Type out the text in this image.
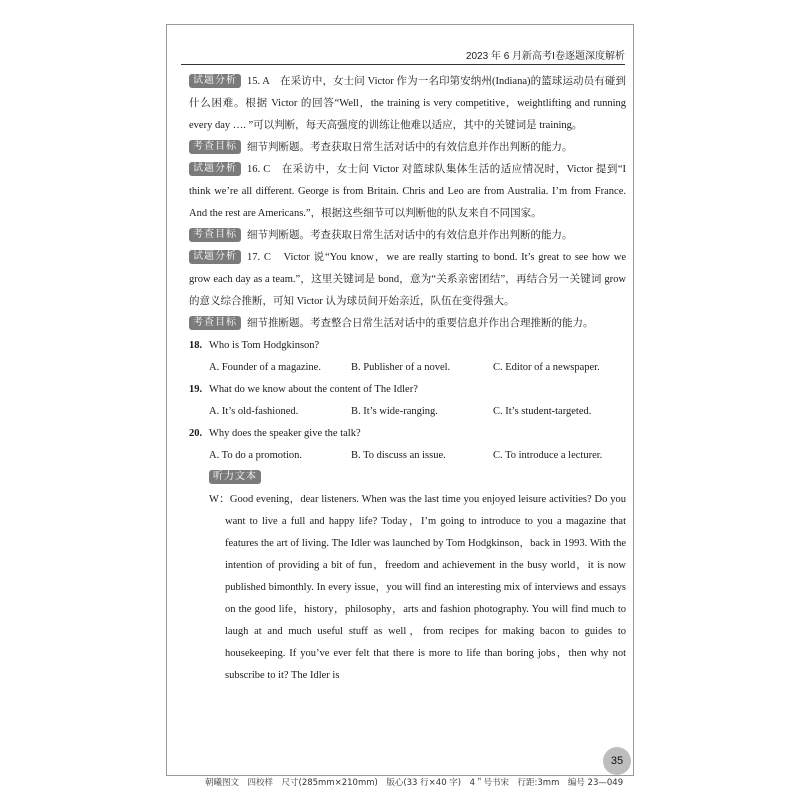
2023 年 6 月新高考Ⅰ卷逐题深度解析

试题分析 15. A　在采访中，女士问 Victor 作为一名印第安纳州(Indiana)的篮球运动员有碰到什么困难。根据 Victor 的回答“Well，the training is very competitive，weightlifting and running every day …. ”可以判断，每天高强度的训练让他难以适应，其中的关键词是 training。

考查目标 细节判断题。考查获取日常生活对话中的有效信息并作出判断的能力。

试题分析 16. C　在采访中，女士问 Victor 对篮球队集体生活的适应情况时，Victor 提到“I think we’re all different. George is from Britain. Chris and Leo are from Australia. I’m from France. And the rest are Americans.”，根据这些细节可以判断他的队友来自不同国家。

考查目标 细节判断题。考查获取日常生活对话中的有效信息并作出判断的能力。

试题分析 17. C　Victor 说“You know，we are really starting to bond. It’s great to see how we grow each day as a team.”，这里关键词是 bond，意为“关系亲密团结”，再结合另一关键词 grow 的意义综合推断，可知 Victor 认为球员间开始亲近，队伍在变得强大。

考查目标 细节推断题。考查整合日常生活对话中的重要信息并作出合理推断的能力。

18. Who is Tom Hodgkinson?
A. Founder of a magazine.	B. Publisher of a novel.	C. Editor of a newspaper.
19. What do we know about the content of The Idler?
A. It’s old-fashioned.	B. It’s wide-ranging.	C. It’s student-targeted.
20. Why does the speaker give the talk?
A. To do a promotion.	B. To discuss an issue.	C. To introduce a lecturer.
听力文本

W：Good evening，dear listeners. When was the last time you enjoyed leisure activities? Do you want to live a full and happy life? Today，I’m going to introduce to you a magazine that features the art of living. The Idler was launched by Tom Hodgkinson，back in 1993. With the intention of providing a bit of fun，freedom and achievement in the busy world，it is now published bimonthly. In every issue，you will find an interesting mix of interviews and essays on the good life，history，philosophy，arts and fashion photography. You will find much to laugh at and much useful stuff as well，from recipes for making bacon to guides to housekeeping. If you’ve ever felt that there is more to life than boring jobs，then why not subscribe to it? The Idler is

35
朝曦图文　四校样　尺寸(285mm×210mm)　版心(33 行×40 字)　4＂号书宋　行距:3mm　编号 23—049
